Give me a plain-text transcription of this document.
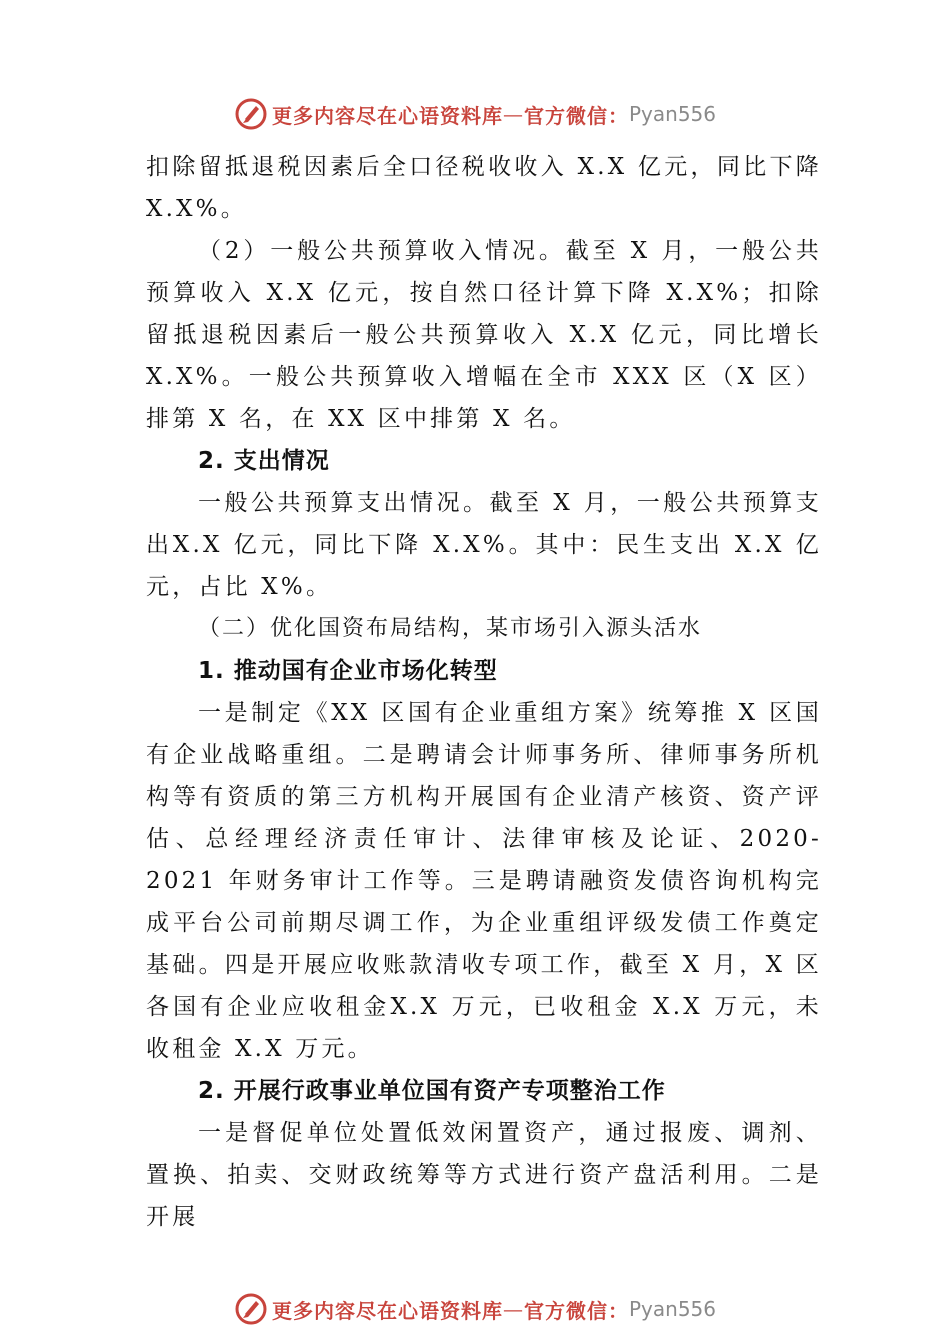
更多内容尽在心语资料库 — 官方微信： Pyan556

扣除留抵退税因素后全口径税收收入 X.X 亿元，同比下降X.X%。

（2）一般公共预算收入情况。截至 X 月，一般公共预算收入 X.X 亿元，按自然口径计算下降 X.X%；扣除留抵退税因素后一般公共预算收入 X.X 亿元，同比增长 X.X%。一般公共预算收入增幅在全市 XXX 区（X 区）排第 X 名，在 XX 区中排第 X 名。

2. 支出情况

一般公共预算支出情况。截至 X 月，一般公共预算支出X.X 亿元，同比下降 X.X%。其中：民生支出 X.X 亿元，占比 X%。

（二）优化国资布局结构，某市场引入源头活水

1. 推动国有企业市场化转型

一是制定《XX 区国有企业重组方案》统筹推 X 区国有企业战略重组。二是聘请会计师事务所、律师事务所机构等有资质的第三方机构开展国有企业清产核资、资产评估、总经理经济责任审计、法律审核及论证、2020-2021 年财务审计工作等。三是聘请融资发债咨询机构完成平台公司前期尽调工作，为企业重组评级发债工作奠定基础。四是开展应收账款清收专项工作，截至 X 月，X 区各国有企业应收租金X.X 万元，已收租金 X.X 万元，未收租金 X.X 万元。

2. 开展行政事业单位国有资产专项整治工作

一是督促单位处置低效闲置资产，通过报废、调剂、置换、拍卖、交财政统筹等方式进行资产盘活利用。二是开展

更多内容尽在心语资料库 — 官方微信： Pyan556
